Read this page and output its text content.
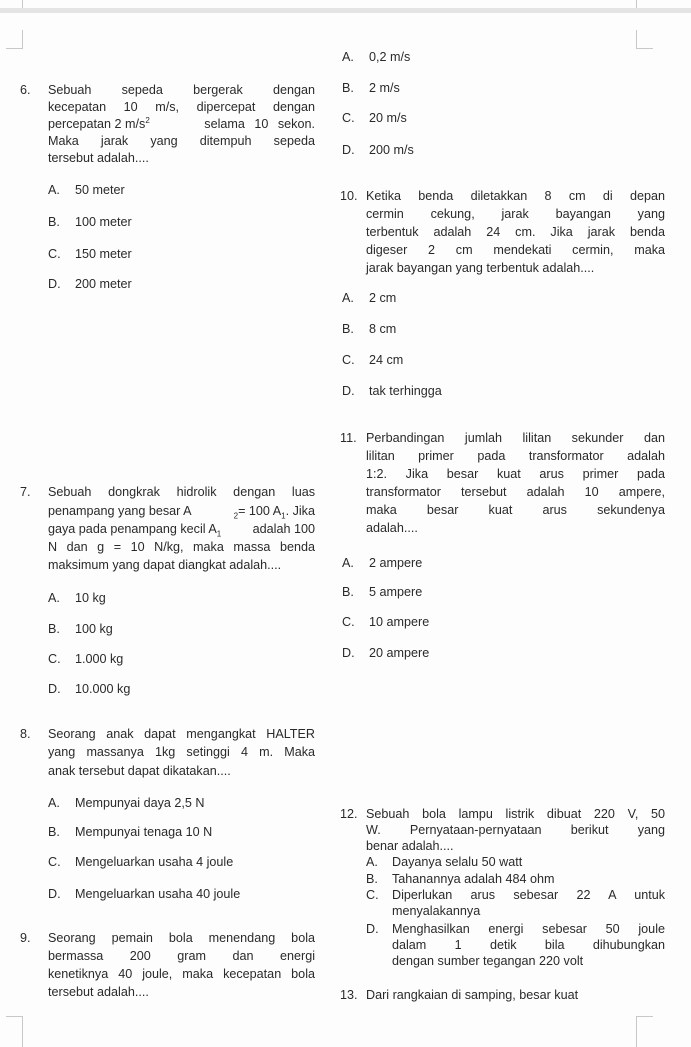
A. 0,2 m/s
B. 2 m/s
C. 20 m/s
D. 200 m/s
6. Sebuah sepeda bergerak dengan
kecepatan 10 m/s, dipercepat dengan
percepatan 2 $m/s^2$	selama 10 sekon.
Maka jarak yang ditempuh sepeda
tersebut adalah....
A. 50 meter
B. 100 meter
C. 150 meter
D. 200 meter
10. Ketika benda diletakkan 8 cm di depan
cermin cekung, jarak bayangan yang
terbentuk adalah 24 cm. Jika jarak benda
digeser 2 cm mendekati cermin, maka
jarak bayangan yang terbentuk adalah....
A. 2 cm
B. 8 cm
C. 24 cm
D. tak terhingga
11. Perbandingan jumlah lilitan sekunder dan
lilitan primer pada transformator adalah
1:2. Jika besar kuat arus primer pada
transformator tersebut adalah 10 ampere,
maka besar kuat arus sekundenya
adalah....
A. 2 ampere
B. 5 ampere
C. 10 ampere
D. 20 ampere
7. Sebuah dongkrak hidrolik dengan luas
penampang yang besar A	$_2$= 100 $A_1$. Jika
gaya pada penampang kecil $A_1$ adalah 100
N dan g = 10 N/kg, maka massa benda
maksimum yang dapat diangkat adalah....
A. 10 kg
B. 100 kg
C. 1.000 kg
D. 10.000 kg
8. Seorang anak dapat mengangkat HALTER
yang massanya 1kg setinggi 4 m. Maka
anak tersebut dapat dikatakan....
A. Mempunyai daya 2,5 N
B. Mempunyai tenaga 10 N
C. Mengeluarkan usaha 4 joule
D. Mengeluarkan usaha 40 joule
9. Seorang pemain bola menendang bola
bermassa 200 gram dan energi
kenetiknya 40 joule, maka kecepatan bola
tersebut adalah....
12. Sebuah bola lampu listrik dibuat 220 V, 50
W. Pernyataan-pernyataan berikut yang
benar adalah....
A. Dayanya selalu 50 watt
B. Tahanannya adalah 484 ohm
C. Diperlukan arus sebesar 22 A untuk
menyalakannya
D. Menghasilkan energi sebesar 50 joule
dalam 1 detik bila dihubungkan
dengan sumber tegangan 220 volt
13. Dari rangkaian di samping, besar kuat
